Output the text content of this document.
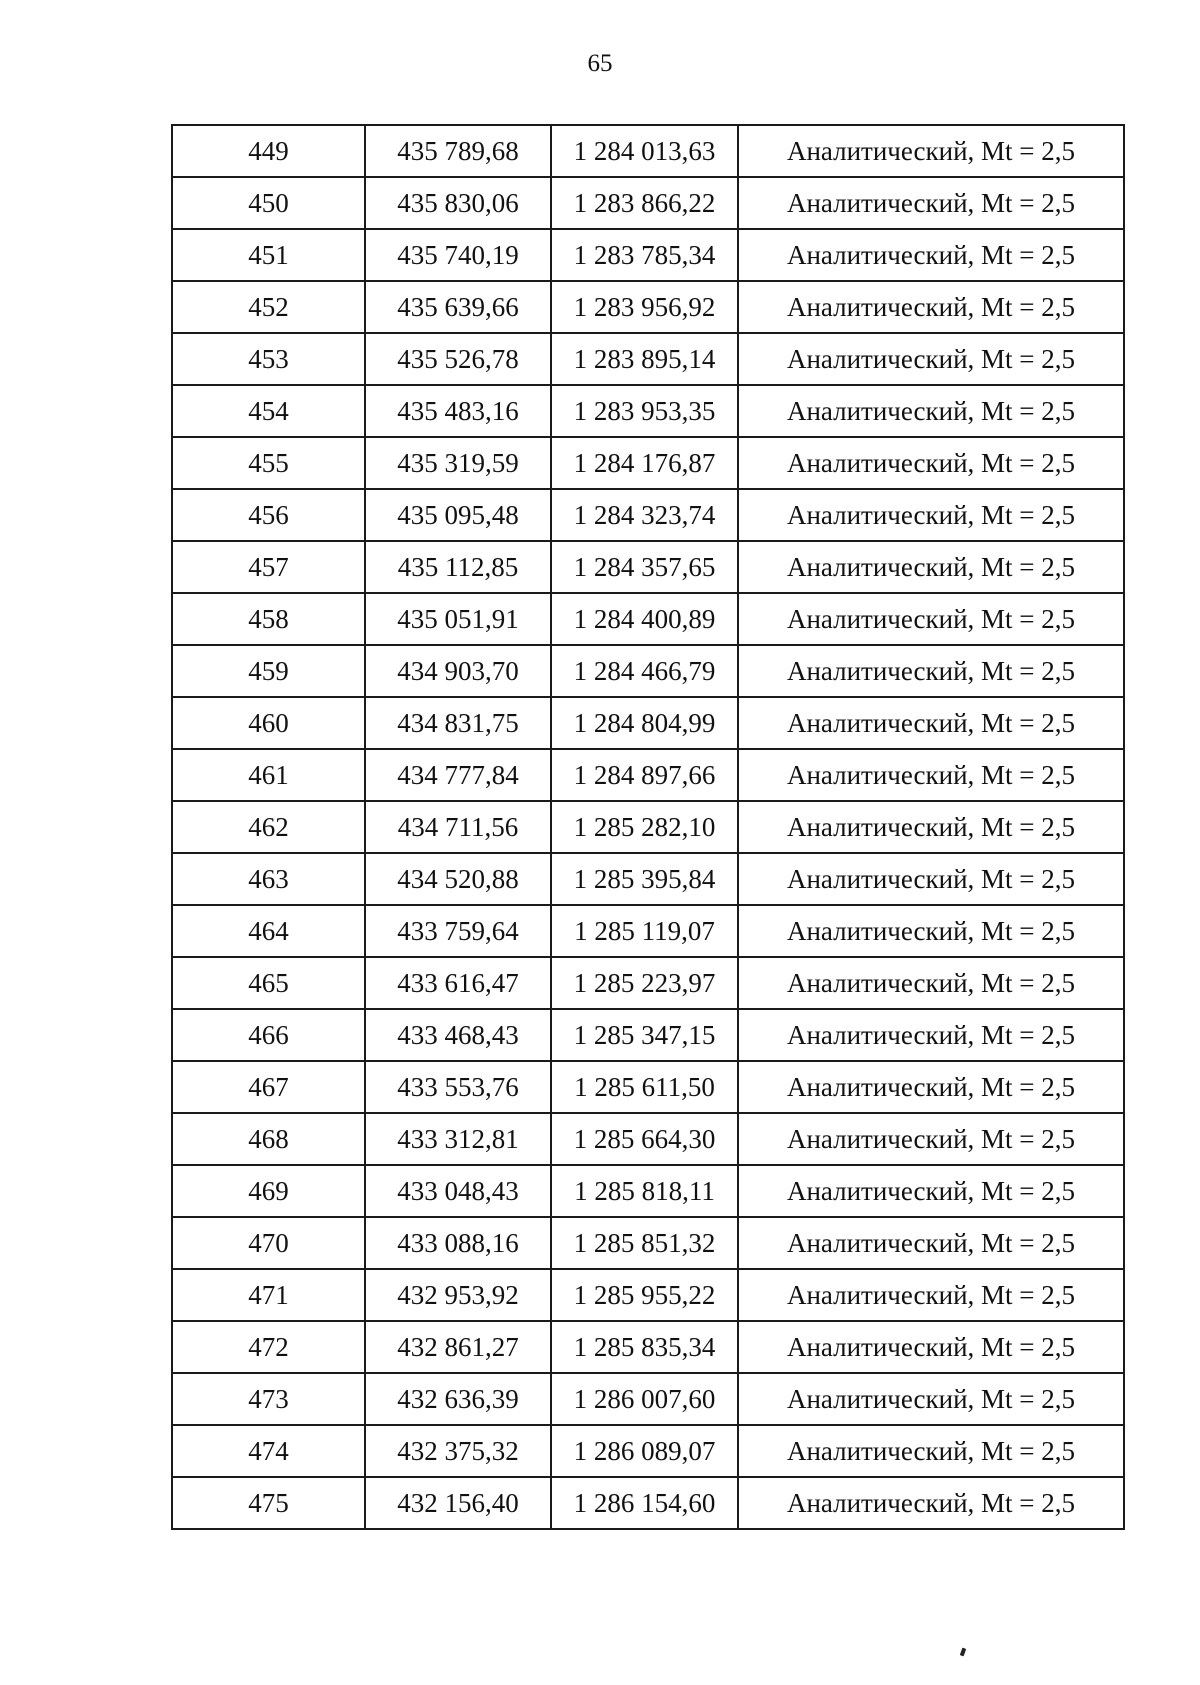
65
449	435 789,68	1 284 013,63	Аналитический, Mt = 2,5
450	435 830,06	1 283 866,22	Аналитический, Mt = 2,5
451	435 740,19	1 283 785,34	Аналитический, Mt = 2,5
452	435 639,66	1 283 956,92	Аналитический, Mt = 2,5
453	435 526,78	1 283 895,14	Аналитический, Mt = 2,5
454	435 483,16	1 283 953,35	Аналитический, Mt = 2,5
455	435 319,59	1 284 176,87	Аналитический, Mt = 2,5
456	435 095,48	1 284 323,74	Аналитический, Mt = 2,5
457	435 112,85	1 284 357,65	Аналитический, Mt = 2,5
458	435 051,91	1 284 400,89	Аналитический, Mt = 2,5
459	434 903,70	1 284 466,79	Аналитический, Mt = 2,5
460	434 831,75	1 284 804,99	Аналитический, Mt = 2,5
461	434 777,84	1 284 897,66	Аналитический, Mt = 2,5
462	434 711,56	1 285 282,10	Аналитический, Mt = 2,5
463	434 520,88	1 285 395,84	Аналитический, Mt = 2,5
464	433 759,64	1 285 119,07	Аналитический, Mt = 2,5
465	433 616,47	1 285 223,97	Аналитический, Mt = 2,5
466	433 468,43	1 285 347,15	Аналитический, Mt = 2,5
467	433 553,76	1 285 611,50	Аналитический, Mt = 2,5
468	433 312,81	1 285 664,30	Аналитический, Mt = 2,5
469	433 048,43	1 285 818,11	Аналитический, Mt = 2,5
470	433 088,16	1 285 851,32	Аналитический, Mt = 2,5
471	432 953,92	1 285 955,22	Аналитический, Mt = 2,5
472	432 861,27	1 285 835,34	Аналитический, Mt = 2,5
473	432 636,39	1 286 007,60	Аналитический, Mt = 2,5
474	432 375,32	1 286 089,07	Аналитический, Mt = 2,5
475	432 156,40	1 286 154,60	Аналитический, Mt = 2,5
